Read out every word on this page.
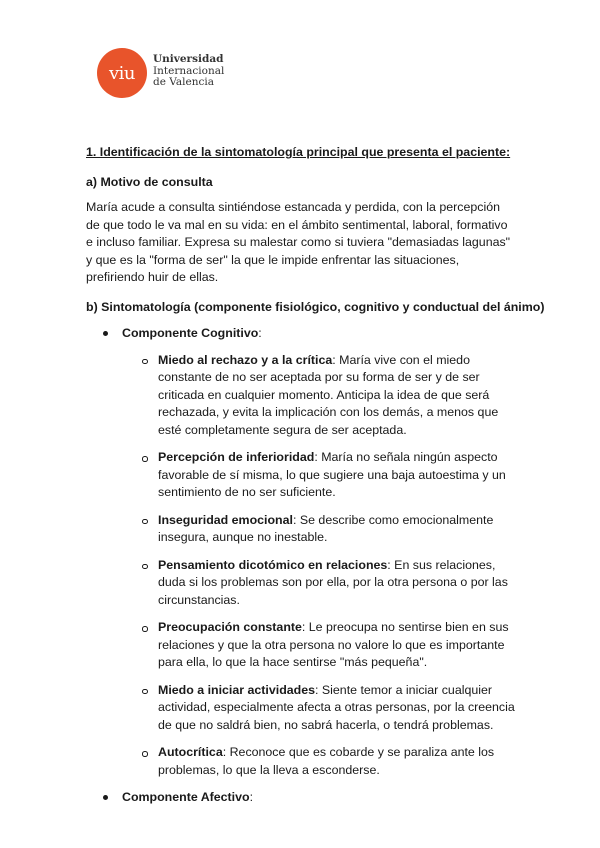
viu
Universidad
Internacional
de Valencia

1. Identificación de la sintomatología principal que presenta el paciente:

a) Motivo de consulta

María acude a consulta sintiéndose estancada y perdida, con la percepción de que todo le va mal en su vida: en el ámbito sentimental, laboral, formativo e incluso familiar. Expresa su malestar como si tuviera "demasiadas lagunas" y que es la "forma de ser" la que le impide enfrentar las situaciones, prefiriendo huir de ellas.

b) Sintomatología (componente fisiológico, cognitivo y conductual del ánimo)

Componente Cognitivo:
Miedo al rechazo y a la crítica: María vive con el miedo constante de no ser aceptada por su forma de ser y de ser criticada en cualquier momento. Anticipa la idea de que será rechazada, y evita la implicación con los demás, a menos que esté completamente segura de ser aceptada.
Percepción de inferioridad: María no señala ningún aspecto favorable de sí misma, lo que sugiere una baja autoestima y un sentimiento de no ser suficiente.
Inseguridad emocional: Se describe como emocionalmente insegura, aunque no inestable.
Pensamiento dicotómico en relaciones: En sus relaciones, duda si los problemas son por ella, por la otra persona o por las circunstancias.
Preocupación constante: Le preocupa no sentirse bien en sus relaciones y que la otra persona no valore lo que es importante para ella, lo que la hace sentirse "más pequeña".
Miedo a iniciar actividades: Siente temor a iniciar cualquier actividad, especialmente afecta a otras personas, por la creencia de que no saldrá bien, no sabrá hacerla, o tendrá problemas.
Autocrítica: Reconoce que es cobarde y se paraliza ante los problemas, lo que la lleva a esconderse.
Componente Afectivo:
